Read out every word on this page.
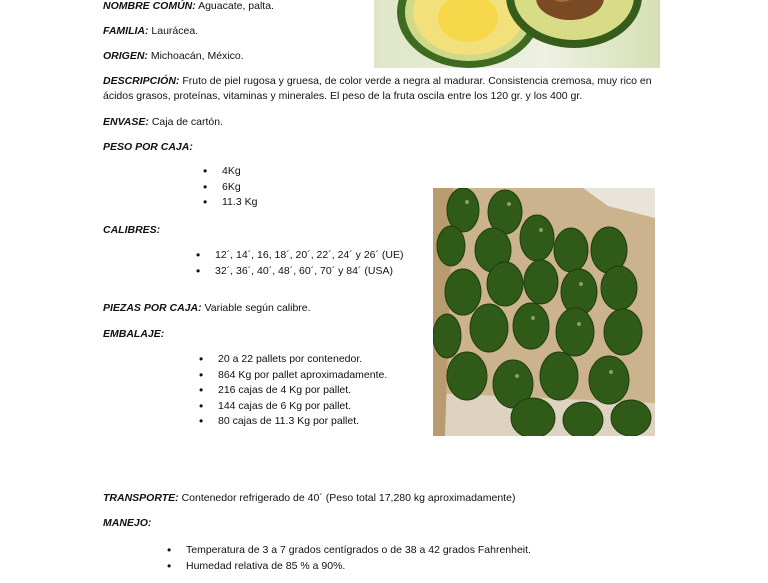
NOMBRE COMÚN: Aguacate, palta.
FAMILIA: Laurácea.
ORIGEN: Michoacán, México.
DESCRIPCIÓN: Fruto de piel rugosa y gruesa, de color verde a negra al madurar. Consistencia cremosa, muy rico en ácidos grasos, proteínas, vitaminas y minerales. El peso de la fruta oscila entre los 120 gr. y los 400 gr.
ENVASE: Caja de cartón.
PESO POR CAJA:
• 4Kg
• 6Kg
• 11.3 Kg
CALIBRES:
• 12´, 14´, 16, 18´, 20´, 22´, 24´ y 26´ (UE)
• 32´, 36´, 40´, 48´, 60´, 70´ y 84´ (USA)
PIEZAS POR CAJA: Variable según calibre.
EMBALAJE:
• 20 a 22 pallets por contenedor.
• 864 Kg por pallet aproximadamente.
• 216 cajas de 4 Kg por pallet.
• 144 cajas de 6 Kg por pallet.
• 80 cajas de 11.3 Kg por pallet.
TRANSPORTE: Contenedor refrigerado de 40´ (Peso total 17,280 kg aproximadamente)
MANEJO:
• Temperatura de 3 a 7 grados centígrados o de 38 a 42 grados Fahrenheit.
• Humedad relativa de 85 % a 90%.
